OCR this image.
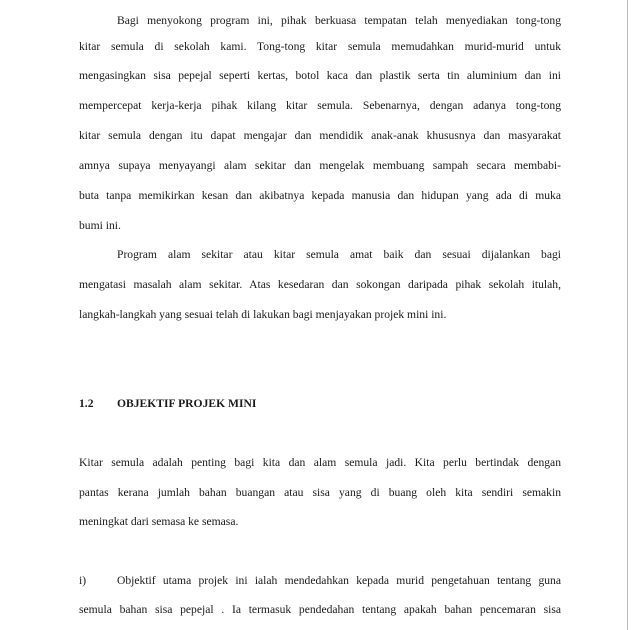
Bagi menyokong program ini, pihak berkuasa tempatan telah menyediakan tong-tong
kitar semula di sekolah kami. Tong-tong kitar semula memudahkan murid-murid untuk
mengasingkan sisa pepejal seperti kertas, botol kaca dan plastik serta tin aluminium dan ini
mempercepat kerja-kerja pihak kilang kitar semula. Sebenarnya, dengan adanya tong-tong
kitar semula dengan itu dapat mengajar dan mendidik anak-anak khususnya dan masyarakat
amnya supaya menyayangi alam sekitar dan mengelak membuang sampah secara membabi-
buta tanpa memikirkan kesan dan akibatnya kepada manusia dan hidupan yang ada di muka
bumi ini.
Program alam sekitar atau kitar semula amat baik dan sesuai dijalankan bagi
mengatasi masalah alam sekitar. Atas kesedaran dan sokongan daripada pihak sekolah itulah,
langkah-langkah yang sesuai telah di lakukan bagi menjayakan projek mini ini.
1.2 OBJEKTIF PROJEK MINI
Kitar semula adalah penting bagi kita dan alam semula jadi. Kita perlu bertindak dengan
pantas kerana jumlah bahan buangan atau sisa yang di buang oleh kita sendiri semakin
meningkat dari semasa ke semasa.
i)	Objektif utama projek ini ialah mendedahkan kepada murid pengetahuan tentang guna
semula bahan sisa pepejal . Ia termasuk pendedahan tentang apakah bahan pencemaran sisa
